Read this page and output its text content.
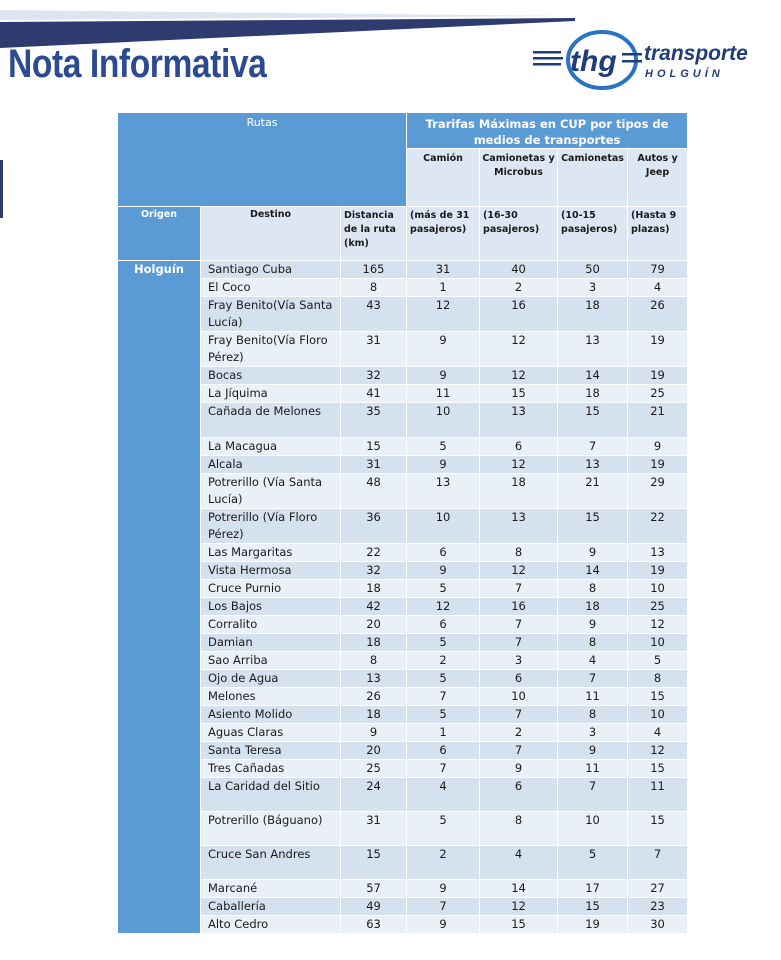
Nota Informativa	thg transporte
HOLGUÍN
Rutas			Trarifas Máximas en CUP por tipos de medios de transportes			
			Camión	Camionetas y Microbus	Camionetas	Autos y Jeep
Origen	Destino	Distancia de la ruta (km)	(más de 31 pasajeros)	(16-30 pasajeros)	(10-15 pasajeros)	(Hasta 9 plazas)
Holguín	Santiago Cuba	165	31	40	50	79
	El Coco	8	1	2	3	4
	Fray Benito(Vía Santa Lucía)	43	12	16	18	26
	Fray Benito(Vía Floro Pérez)	31	9	12	13	19
	Bocas	32	9	12	14	19
	La Jíquima	41	11	15	18	25
	Cañada de Melones	35	10	13	15	21
	La Macagua	15	5	6	7	9
	Alcala	31	9	12	13	19
	Potrerillo (Vía Santa Lucía)	48	13	18	21	29
	Potrerillo (Vía Floro Pérez)	36	10	13	15	22
	Las Margaritas	22	6	8	9	13
	Vista Hermosa	32	9	12	14	19
	Cruce Purnio	18	5	7	8	10
	Los Bajos	42	12	16	18	25
	Corralito	20	6	7	9	12
	Damian	18	5	7	8	10
	Sao Arriba	8	2	3	4	5
	Ojo de Agua	13	5	6	7	8
	Melones	26	7	10	11	15
	Asiento Molido	18	5	7	8	10
	Aguas Claras	9	1	2	3	4
	Santa Teresa	20	6	7	9	12
	Tres Cañadas	25	7	9	11	15
	La Caridad del Sitio	24	4	6	7	11
	Potrerillo (Báguano)	31	5	8	10	15
	Cruce San Andres	15	2	4	5	7
	Marcané	57	9	14	17	27
	Caballería	49	7	12	15	23
	Alto Cedro	63	9	15	19	30
